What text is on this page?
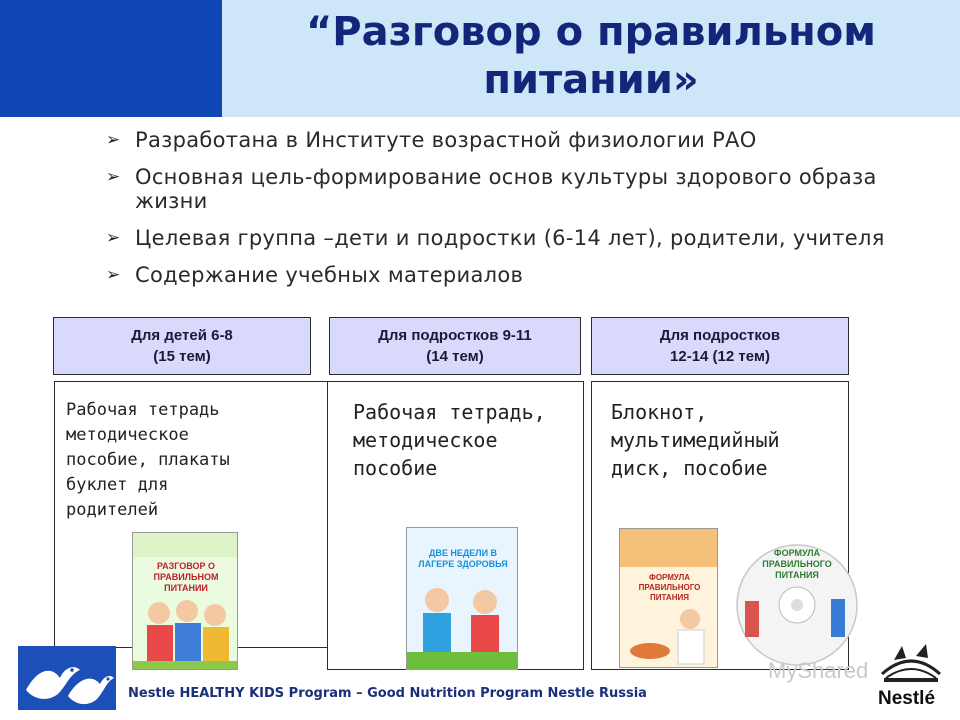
“Разговор о правильном
питании»
➢ Разработана в Институте возрастной физиологии РАО
➢ Основная цель-формирование основ культуры здорового образа жизни
➢ Целевая группа –дети и подростки (6-14 лет), родители, учителя
➢ Содержание учебных материалов
Для детей 6-8
(15 тем)
Для подростков 9-11
(14 тем)
Для подростков
12-14 (12 тем)
Рабочая тетрадь
методическое
пособие, плакаты
буклет для
родителей
Рабочая тетрадь,
методическое
пособие
Блокнот,
мультимедийный
диск, пособие
РАЗГОВОР О ПРАВИЛЬНОМ ПИТАНИИ
ДВЕ НЕДЕЛИ В ЛАГЕРЕ ЗДОРОВЬЯ
ФОРМУЛА ПРАВИЛЬНОГО ПИТАНИЯ
ФОРМУЛА ПРАВИЛЬНОГО ПИТАНИЯ
Nestle HEALTHY KIDS Program – Good Nutrition Program Nestle Russia
MyShared
Nestlé
